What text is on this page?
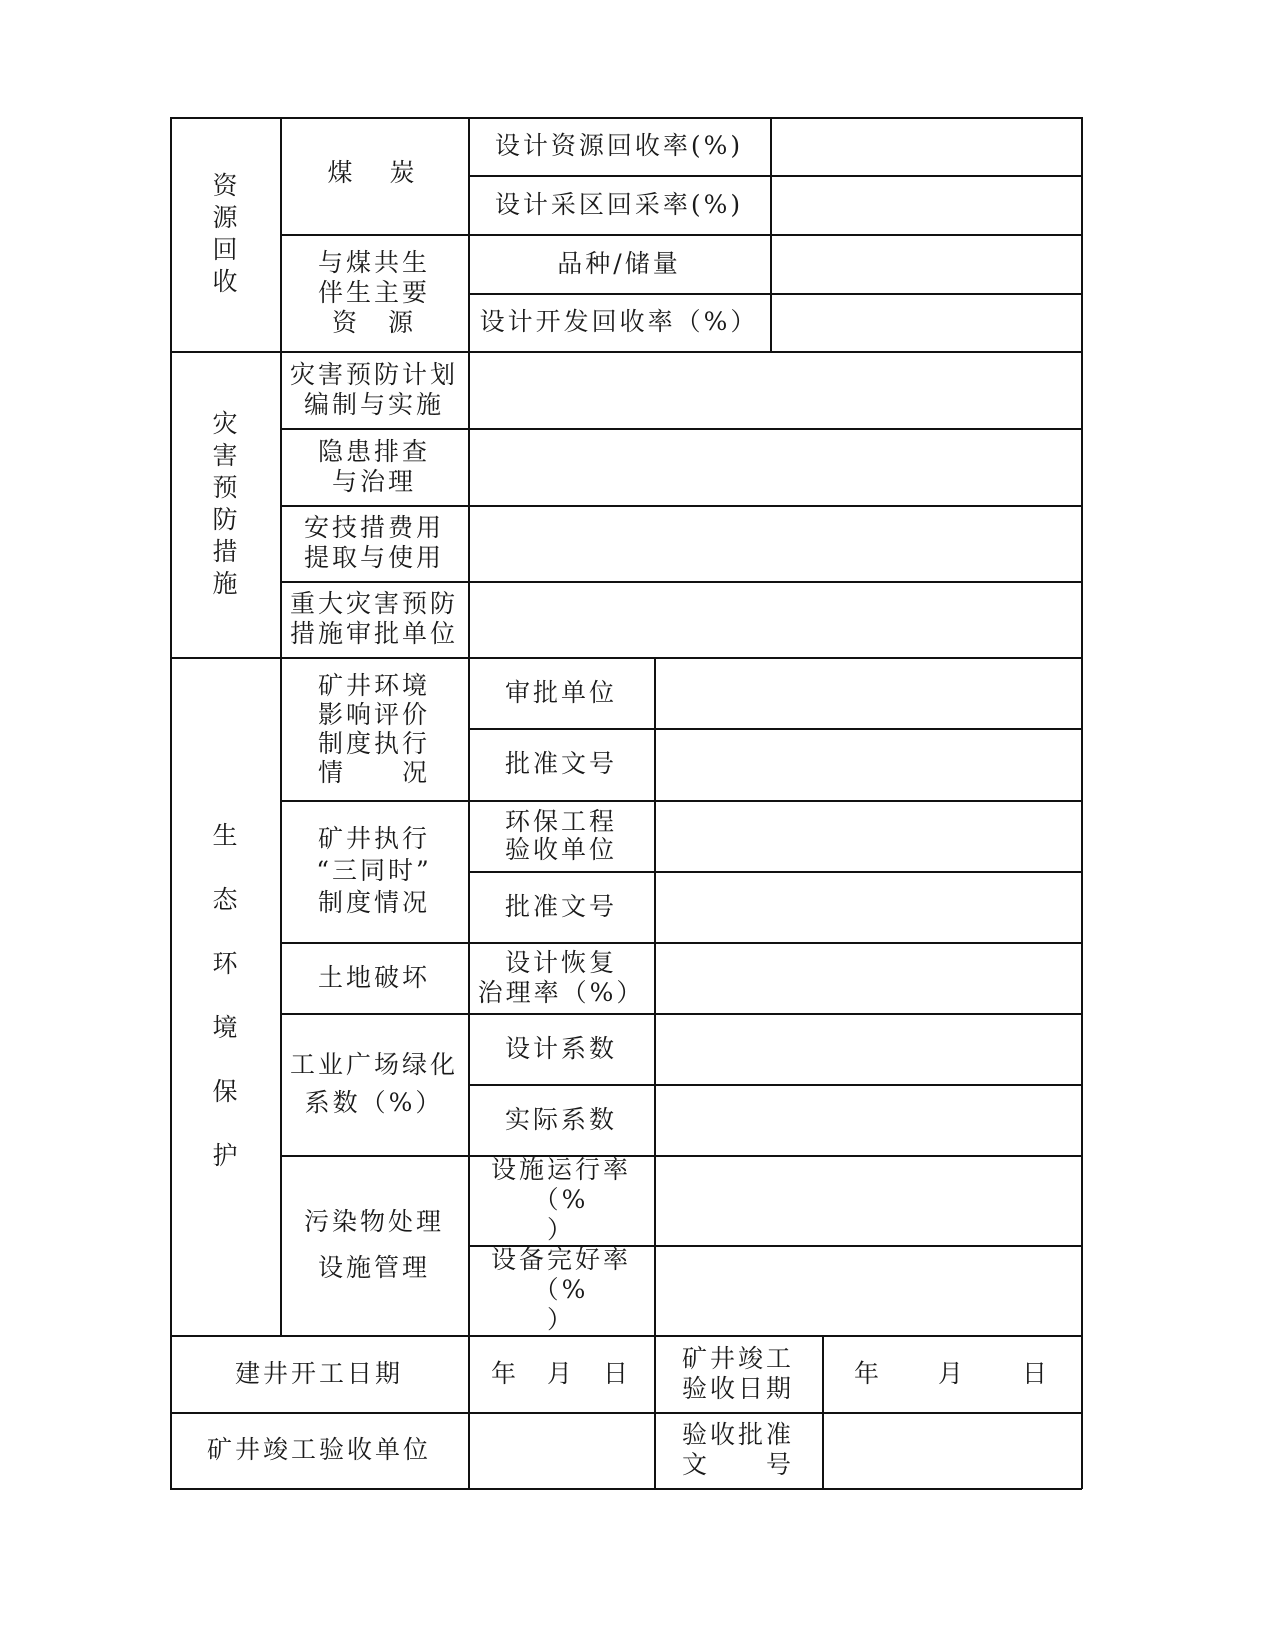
资
源
回
收
煤　炭
设计资源回收率(%)
设计采区回采率(%)
与煤共生
伴生主要
资　源
品种/储量
设计开发回收率（%）
灾
害
预
防
措
施
灾害预防计划
编制与实施
隐患排查
与治理
安技措费用
提取与使用
重大灾害预防
措施审批单位
生

态

环

境

保

护
矿井环境
影响评价
制度执行
情　　况
审批单位
批准文号
矿井执行
“三同时”
制度情况
环保工程
验收单位
批准文号
土地破坏
设计恢复
治理率（%）
工业广场绿化
系数（%）
设计系数
实际系数
污染物处理
设施管理
设施运行率（%
）
设备完好率（%
）
建井开工日期	年　月　日
矿井竣工
验收日期
年　　月　　日
矿井竣工验收单位
验收批准
文　　号
